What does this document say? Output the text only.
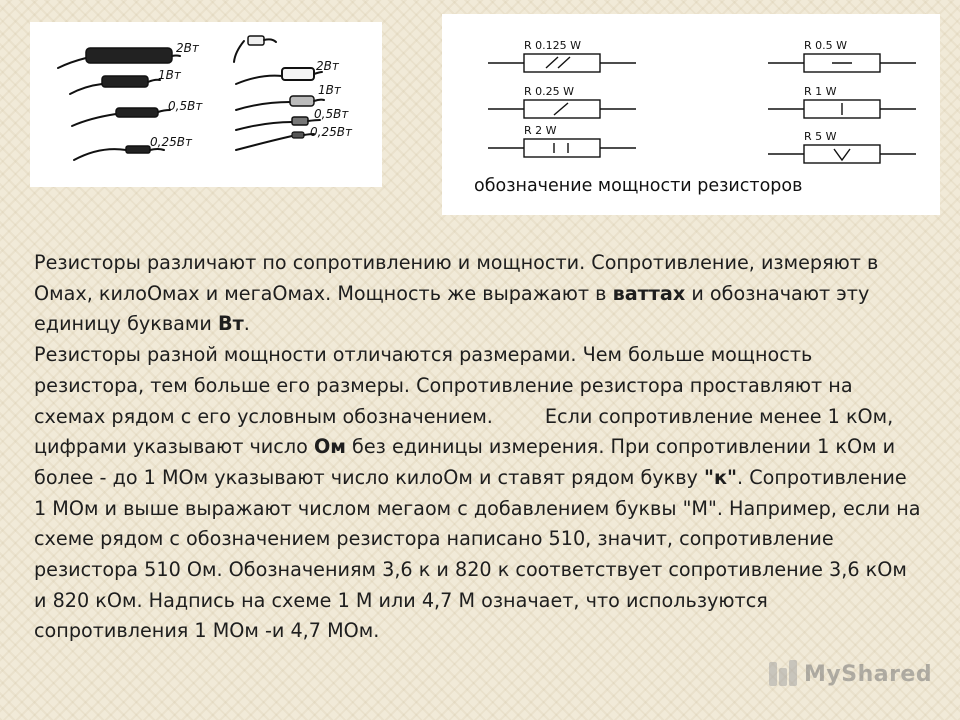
2Вт
1Вт
0,5Вт
0,25Вт
2Вт
1Вт
0,5Вт
0,25Вт
R 0.125 W	R 0.5 W
R 0.25 W	R 1 W
R 2 W	R 5 W
обозначение мощности резисторов

Резисторы различают по сопротивлению и мощности. Сопротивление, измеряют в Омах, килоОмах и мегаОмах. Мощность же выражают в ваттах и обозначают эту единицу буквами Вт.

Резисторы разной мощности отличаются размерами. Чем больше мощность резистора, тем больше его размеры. Сопротивление резистора проставляют на схемах рядом с его условным обозначением.	Если сопротивление менее 1 кОм, цифрами указывают число Ом без единицы измерения. При сопротивлении 1 кОм и более - до 1 МОм указывают число килоОм и ставят рядом букву "к". Сопротивление 1 МОм и выше выражают числом мегаом с добавлением буквы "М". Например, если на схеме рядом с обозначением резистора написано 510, значит, сопротивление резистора 510 Ом. Обозначениям 3,6 к и 820 к соответствует сопротивление 3,6 кОм и 820 кОм. Надпись на схеме 1 М или 4,7 М означает, что используются сопротивления 1 МОм -и 4,7 МОм.

MyShared
